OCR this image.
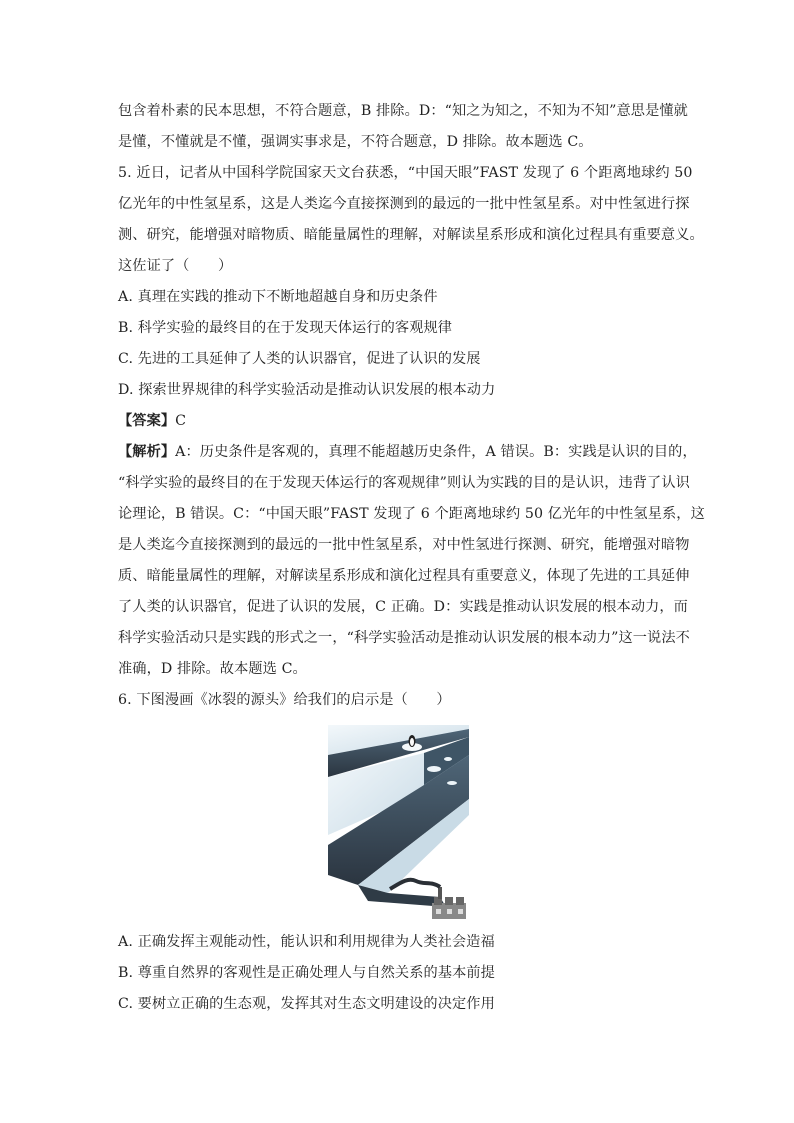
包含着朴素的民本思想，不符合题意，B 排除。D：“知之为知之，不知为不知”意思是懂就
是懂，不懂就是不懂，强调实事求是，不符合题意，D 排除。故本题选 C。
5. 近日，记者从中国科学院国家天文台获悉，“中国天眼”FAST 发现了 6 个距离地球约 50
亿光年的中性氢星系，这是人类迄今直接探测到的最远的一批中性氢星系。对中性氢进行探
测、研究，能增强对暗物质、暗能量属性的理解，对解读星系形成和演化过程具有重要意义。
这佐证了（　　）
A. 真理在实践的推动下不断地超越自身和历史条件
B. 科学实验的最终目的在于发现天体运行的客观规律
C. 先进的工具延伸了人类的认识器官，促进了认识的发展
D. 探索世界规律的科学实验活动是推动认识发展的根本动力
【答案】C
【解析】A：历史条件是客观的，真理不能超越历史条件，A 错误。B：实践是认识的目的，
“科学实验的最终目的在于发现天体运行的客观规律”则认为实践的目的是认识，违背了认识
论理论，B 错误。C：“中国天眼”FAST 发现了 6 个距离地球约 50 亿光年的中性氢星系，这
是人类迄今直接探测到的最远的一批中性氢星系，对中性氢进行探测、研究，能增强对暗物
质、暗能量属性的理解，对解读星系形成和演化过程具有重要意义，体现了先进的工具延伸
了人类的认识器官，促进了认识的发展，C 正确。D：实践是推动认识发展的根本动力，而
科学实验活动只是实践的形式之一，“科学实验活动是推动认识发展的根本动力”这一说法不
准确，D 排除。故本题选 C。
6. 下图漫画《冰裂的源头》给我们的启示是（　　）
A. 正确发挥主观能动性，能认识和利用规律为人类社会造福
B. 尊重自然界的客观性是正确处理人与自然关系的基本前提
C. 要树立正确的生态观，发挥其对生态文明建设的决定作用
